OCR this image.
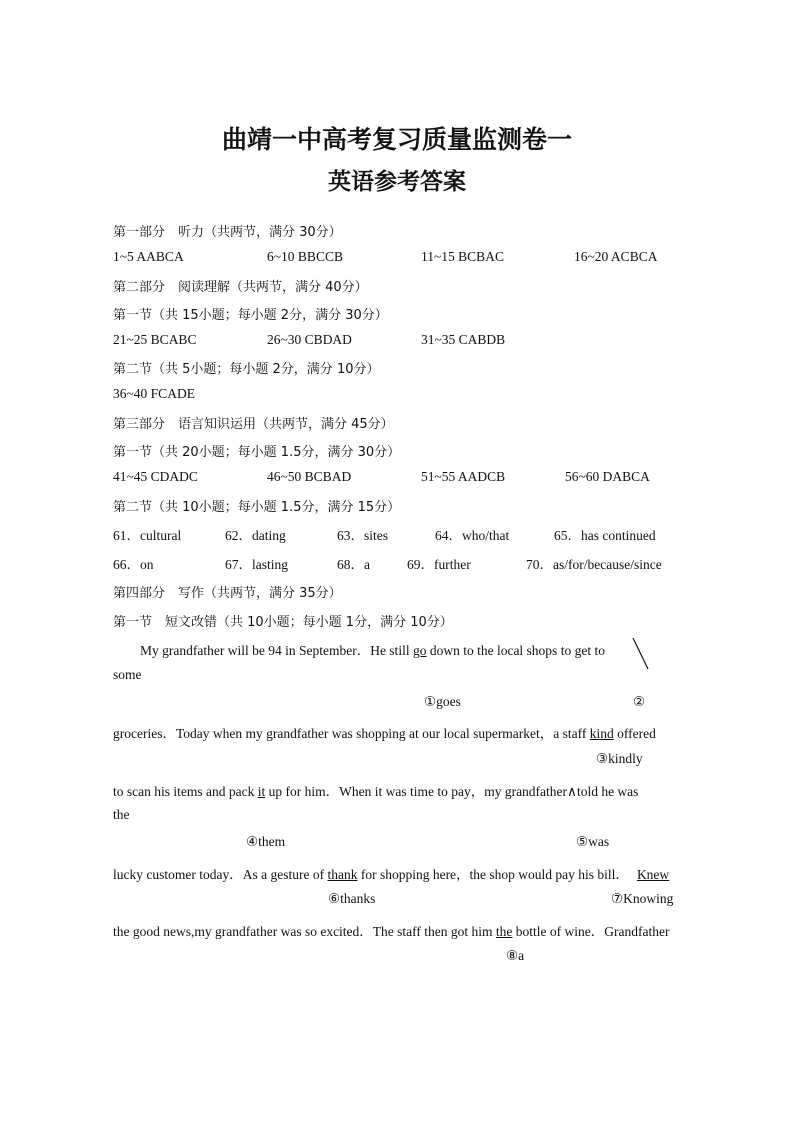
曲靖一中高考复习质量监测卷一
英语参考答案
第一部分　听力（共两节，满分 30分）
1~5 AABCA	6~10 BBCCB	11~15 BCBAC	16~20 ACBCA
第二部分　阅读理解（共两节，满分 40分）
第一节（共 15小题；每小题 2分，满分 30分）
21~25 BCABC	26~30 CBDAD	31~35 CABDB
第二节（共 5小题；每小题 2分，满分 10分）
36~40 FCADE
第三部分　语言知识运用（共两节，满分 45分）
第一节（共 20小题；每小题 1.5分，满分 30分）
41~45 CDADC	46~50 BCBAD	51~55 AADCB	56~60 DABCA
第二节（共 10小题；每小题 1.5分，满分 15分）
61．cultural	62．dating	63．sites	64．who/that	65．has continued
66．on	67．lasting	68．a	69．further	70．as/for/because/since
第四部分　写作（共两节，满分 35分）
第一节　短文改错（共 10小题；每小题 1分，满分 10分）
My grandfather will be 94 in September．He still go down to the local shops to get to
some
①goes	②
groceries．Today when my grandfather was shopping at our local supermarket，a staff kind offered
③kindly
to scan his items and pack it up for him．When it was time to pay，my grandfather∧told he was
the
④them	⑤was
lucky customer today．As a gesture of thank for shopping here，the shop would pay his bill． Knew
⑥thanks	⑦Knowing
the good news,my grandfather was so excited．The staff then got him the bottle of wine．Grandfather
⑧a
